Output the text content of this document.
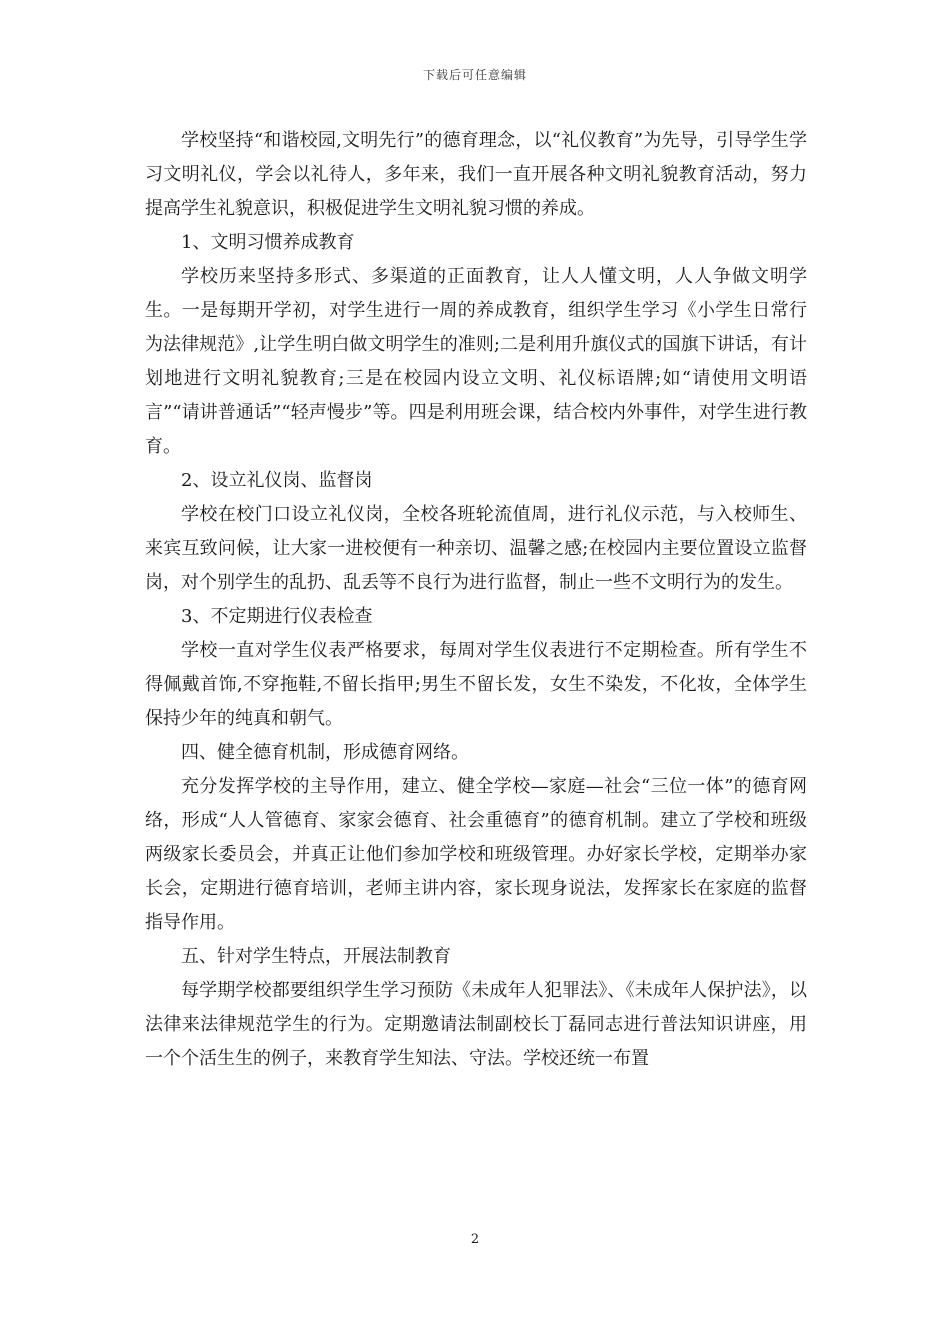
下载后可任意编辑

学校坚持“和谐校园,文明先行”的德育理念，以“礼仪教育”为先导，引导学生学习文明礼仪，学会以礼待人，多年来，我们一直开展各种文明礼貌教育活动，努力提高学生礼貌意识，积极促进学生文明礼貌习惯的养成。

1、文明习惯养成教育

学校历来坚持多形式、多渠道的正面教育，让人人懂文明，人人争做文明学生。一是每期开学初，对学生进行一周的养成教育，组织学生学习《小学生日常行为法律规范》,让学生明白做文明学生的准则;二是利用升旗仪式的国旗下讲话，有计划地进行文明礼貌教育;三是在校园内设立文明、礼仪标语牌;如“请使用文明语言”“请讲普通话”“轻声慢步”等。四是利用班会课，结合校内外事件，对学生进行教育。

2、设立礼仪岗、监督岗

学校在校门口设立礼仪岗，全校各班轮流值周，进行礼仪示范，与入校师生、来宾互致问候，让大家一进校便有一种亲切、温馨之感;在校园内主要位置设立监督岗，对个别学生的乱扔、乱丢等不良行为进行监督，制止一些不文明行为的发生。

3、不定期进行仪表检查

学校一直对学生仪表严格要求，每周对学生仪表进行不定期检查。所有学生不得佩戴首饰,不穿拖鞋,不留长指甲;男生不留长发，女生不染发，不化妆，全体学生保持少年的纯真和朝气。

四、健全德育机制，形成德育网络。

充分发挥学校的主导作用，建立、健全学校—家庭—社会“三位一体”的德育网络，形成“人人管德育、家家会德育、社会重德育”的德育机制。建立了学校和班级两级家长委员会，并真正让他们参加学校和班级管理。办好家长学校，定期举办家长会，定期进行德育培训，老师主讲内容，家长现身说法，发挥家长在家庭的监督指导作用。

五、针对学生特点，开展法制教育

每学期学校都要组织学生学习预防《未成年人犯罪法》、《未成年人保护法》，以法律来法律规范学生的行为。定期邀请法制副校长丁磊同志进行普法知识讲座，用一个个活生生的例子，来教育学生知法、守法。学校还统一布置

2
